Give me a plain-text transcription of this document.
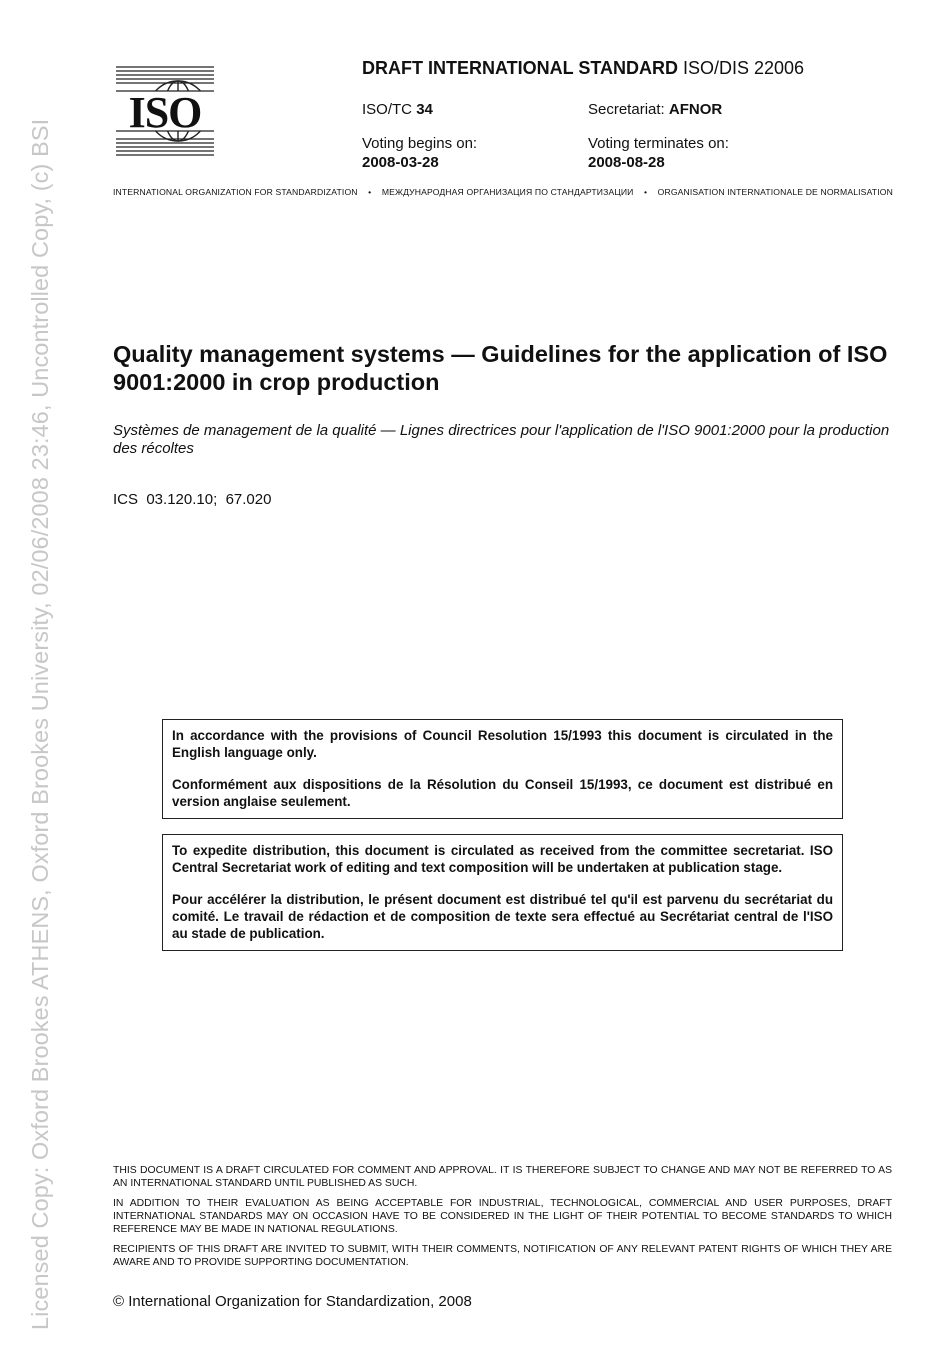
Licensed Copy: Oxford Brookes ATHENS, Oxford Brookes University, 02/06/2008 23:46, Uncontrolled Copy, (c) BSI
ISO
DRAFT INTERNATIONAL STANDARD ISO/DIS 22006
ISO/TC 34	Secretariat: AFNOR
Voting begins on:
2008-03-28
Voting terminates on:
2008-08-28
INTERNATIONAL ORGANIZATION FOR STANDARDIZATION • МЕЖДУНАРОДНАЯ ОРГАНИЗАЦИЯ ПО СТАНДАРТИЗАЦИИ • ORGANISATION INTERNATIONALE DE NORMALISATION
Quality management systems — Guidelines for the application of ISO 9001:2000 in crop production

Systèmes de management de la qualité — Lignes directrices pour l'application de l'ISO 9001:2000 pour la production des récoltes

ICS  03.120.10;  67.020

In accordance with the provisions of Council Resolution 15/1993 this document is circulated in the English language only.

Conformément aux dispositions de la Résolution du Conseil 15/1993, ce document est distribué en version anglaise seulement.

To expedite distribution, this document is circulated as received from the committee secretariat. ISO Central Secretariat work of editing and text composition will be undertaken at publication stage.

Pour accélérer la distribution, le présent document est distribué tel qu'il est parvenu du secrétariat du comité. Le travail de rédaction et de composition de texte sera effectué au Secrétariat central de l'ISO au stade de publication.

THIS DOCUMENT IS A DRAFT CIRCULATED FOR COMMENT AND APPROVAL. IT IS THEREFORE SUBJECT TO CHANGE AND MAY NOT BE REFERRED TO AS AN INTERNATIONAL STANDARD UNTIL PUBLISHED AS SUCH.

IN ADDITION TO THEIR EVALUATION AS BEING ACCEPTABLE FOR INDUSTRIAL, TECHNOLOGICAL, COMMERCIAL AND USER PURPOSES, DRAFT INTERNATIONAL STANDARDS MAY ON OCCASION HAVE TO BE CONSIDERED IN THE LIGHT OF THEIR POTENTIAL TO BECOME STANDARDS TO WHICH REFERENCE MAY BE MADE IN NATIONAL REGULATIONS.

RECIPIENTS OF THIS DRAFT ARE INVITED TO SUBMIT, WITH THEIR COMMENTS, NOTIFICATION OF ANY RELEVANT PATENT RIGHTS OF WHICH THEY ARE AWARE AND TO PROVIDE SUPPORTING DOCUMENTATION.

© International Organization for Standardization, 2008
